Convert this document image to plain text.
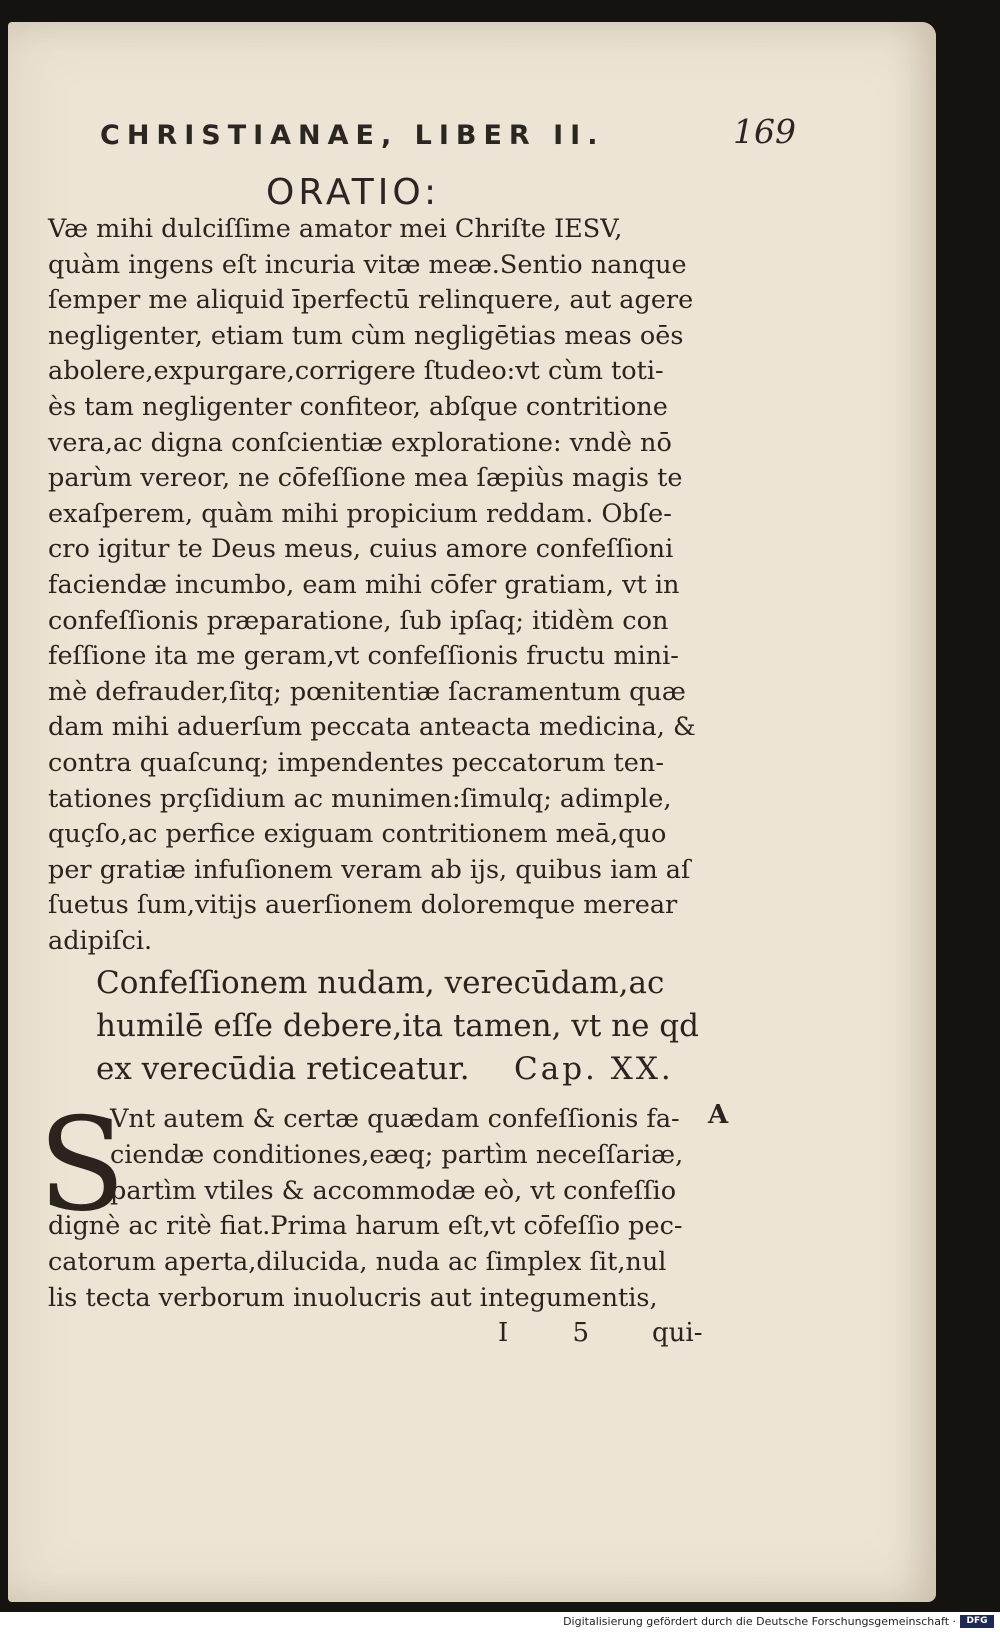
CHRISTIANAE, LIBER II.	169
ORATIO:
Væ mihi dulciſſime amator mei Chriſte IESV,
quàm ingens eſt incuria vitæ meæ.Sentio nanque
ſemper me aliquid īperfectū relinquere, aut agere
negligenter, etiam tum cùm negligētias meas oēs
abolere,expurgare,corrigere ſtudeo:vt cùm toti-
ès tam negligenter confiteor, abſque contritione
vera,ac digna conſcientiæ exploratione: vndè nō
parùm vereor, ne cōfeſſione mea ſæpiùs magis te
exaſperem, quàm mihi propicium reddam. Obſe-
cro igitur te Deus meus, cuius amore confeſſioni
faciendæ incumbo, eam mihi cōfer gratiam, vt in
confeſſionis præparatione, ſub ipſaq; itidèm con
feſſione ita me geram,vt confeſſionis fructu mini-
mè defrauder,ſitq; pœnitentiæ ſacramentum quæ
dam mihi aduerſum peccata anteacta medicina, &
contra quaſcunq; impendentes peccatorum ten-
tationes prçſidium ac munimen:ſimulq; adimple,
quçſo,ac perfice exiguam contritionem meā,quo
per gratiæ infuſionem veram ab ijs, quibus iam aſ
ſuetus ſum,vitijs auerſionem doloremque merear
adipiſci.
Confeſſionem nudam, verecūdam,ac
humilē eſſe debere,ita tamen, vt ne qd
ex verecūdia reticeatur.	Cap. XX.
S
Vnt autem & certæ quædam confeſſionis fa-
ciendæ conditiones,eæq; partìm neceſſariæ,
partìm vtiles & accommodæ eò, vt confeſſio
dignè ac ritè fiat.Prima harum eſt,vt cōfeſſio pec-
catorum aperta,dilucida, nuda ac ſimplex ſit,nul
lis tecta verborum inuolucris aut integumentis,
A
I 5 qui-
Digitalisierung gefördert durch die Deutsche Forschungsgemeinschaft ·	DFG
